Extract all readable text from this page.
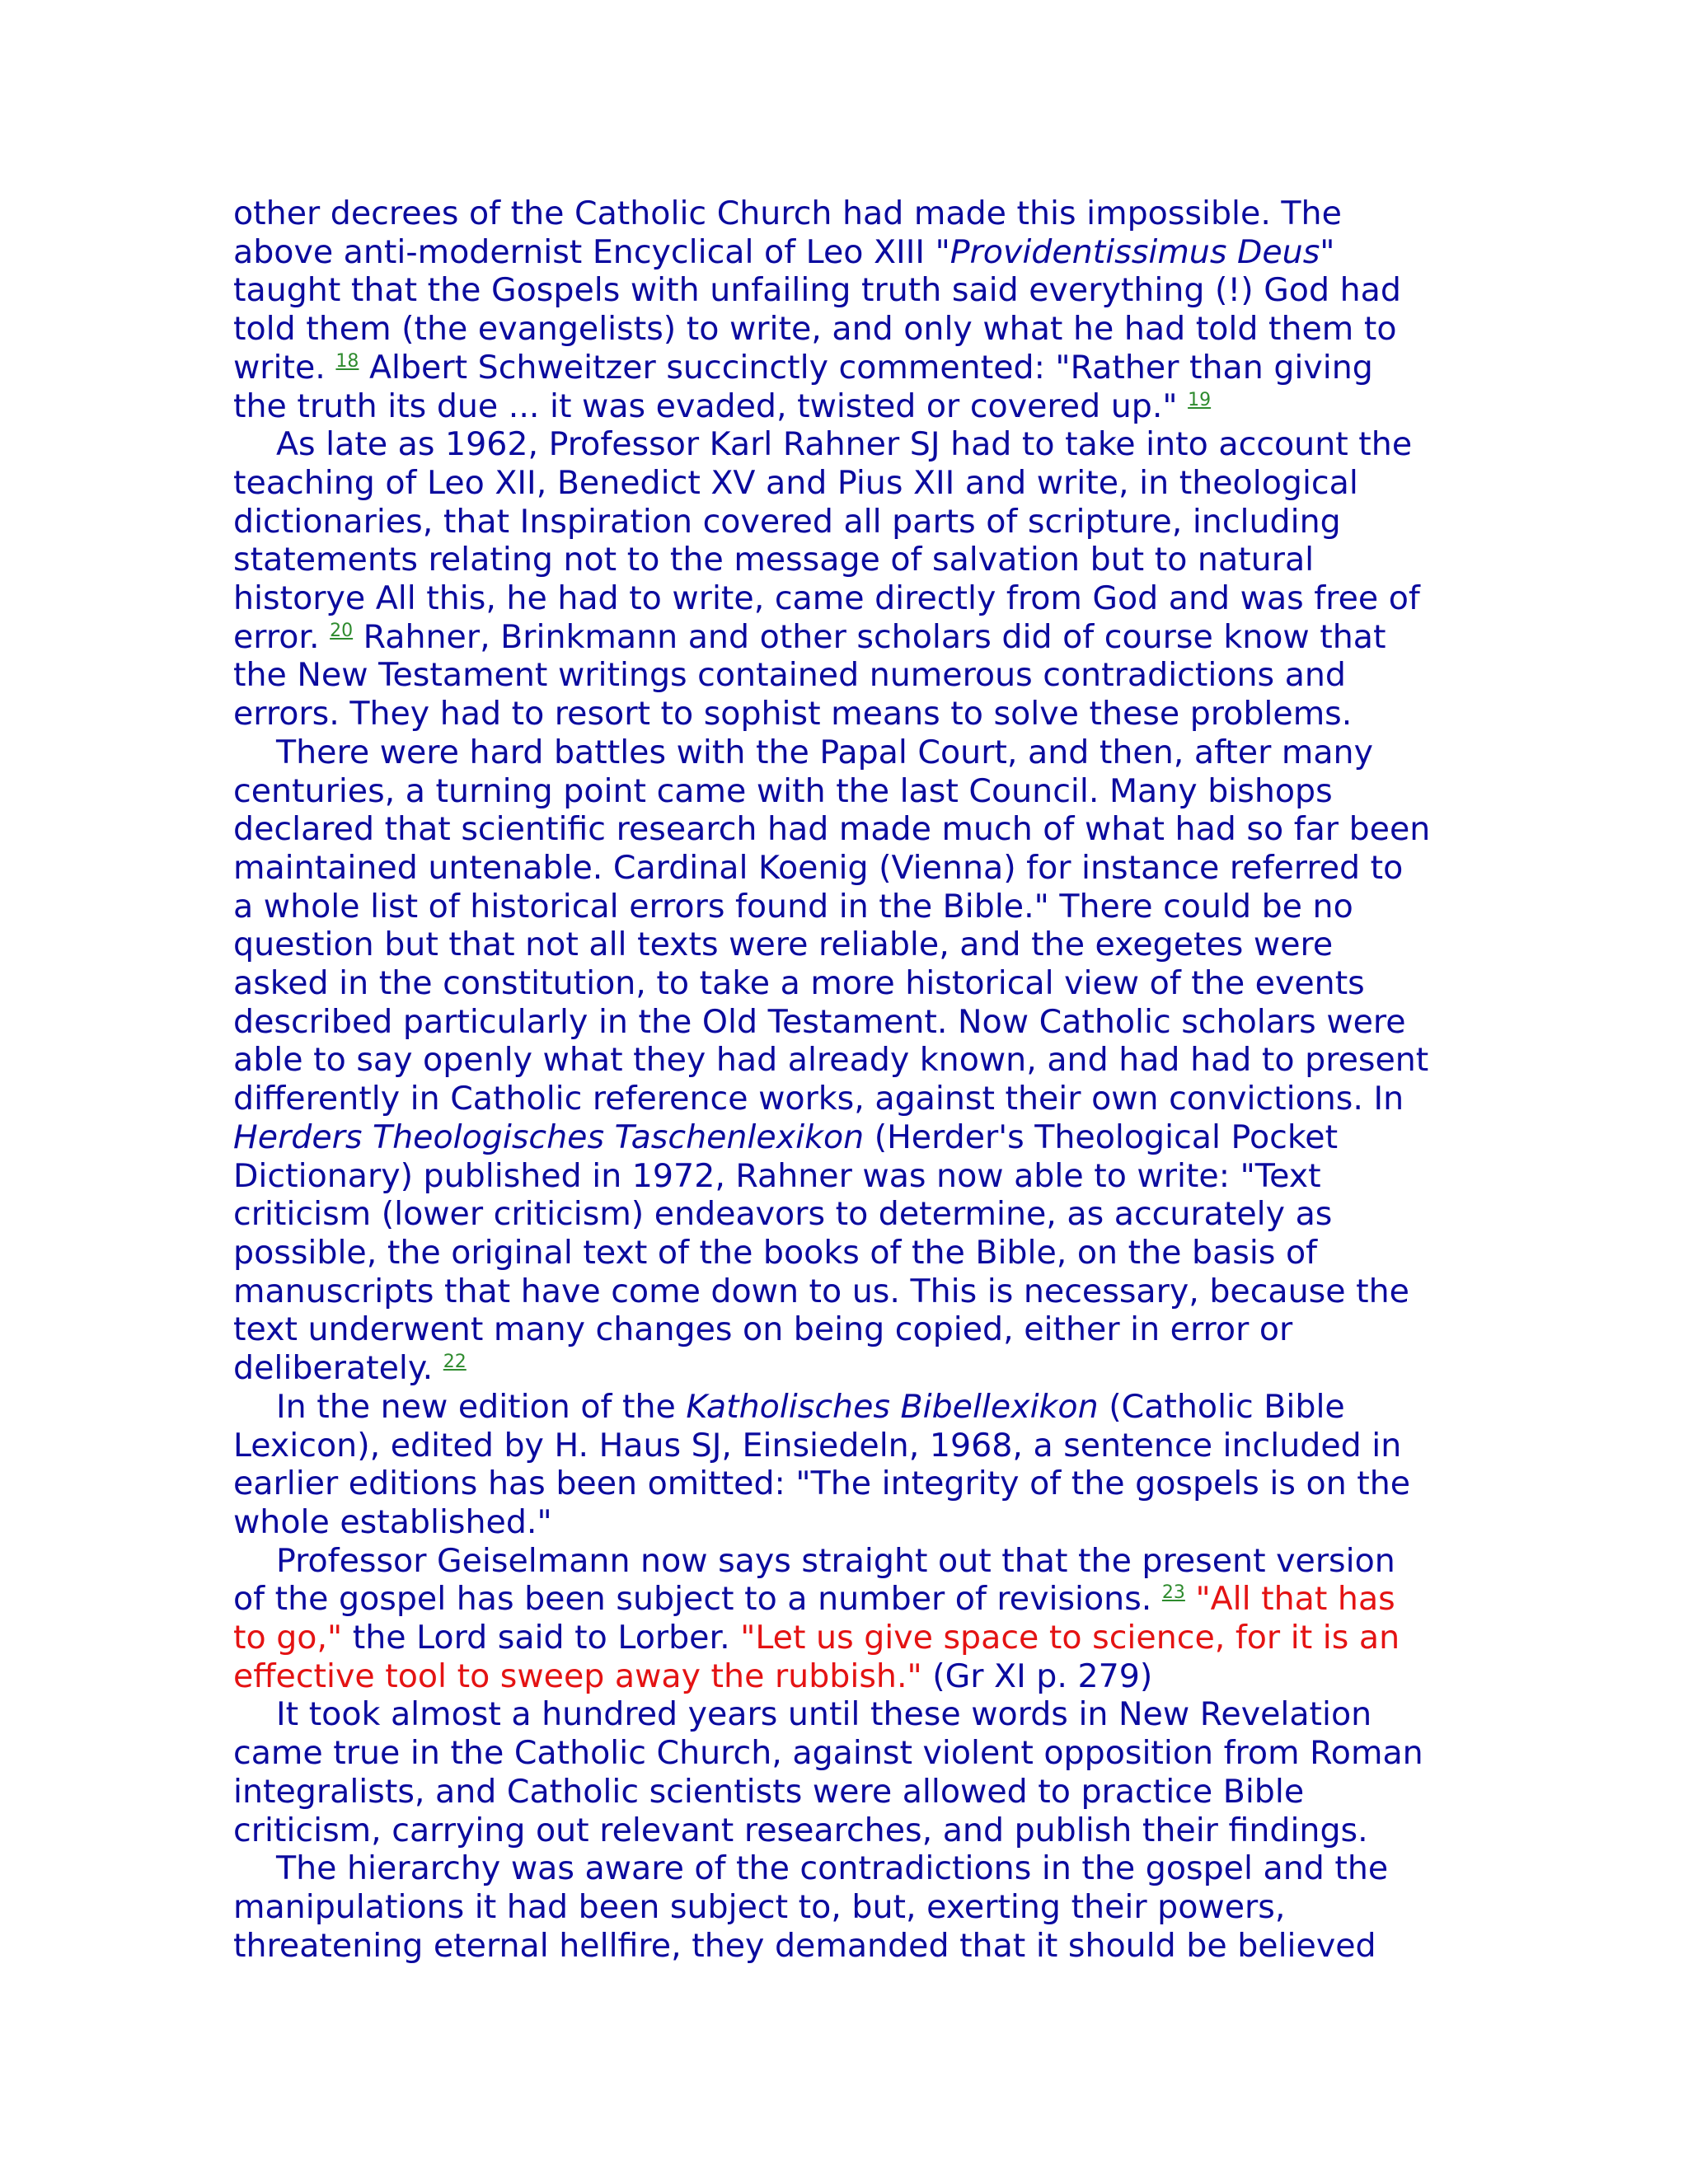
other decrees of the Catholic Church had made this impossible. The

above anti-modernist Encyclical of Leo XIII "Providentissimus Deus"

taught that the Gospels with unfailing truth said everything (!) God had

told them (the evangelists) to write, and only what he had told them to

write. $^{18}$ Albert Schweitzer succinctly commented: "Rather than giving

the truth its due ... it was evaded, twisted or covered up." $^{19}$

As late as 1962, Professor Karl Rahner SJ had to take into account the

teaching of Leo XII, Benedict XV and Pius XII and write, in theological

dictionaries, that Inspiration covered all parts of scripture, including

statements relating not to the message of salvation but to natural

historye All this, he had to write, came directly from God and was free of

error. $^{20}$ Rahner, Brinkmann and other scholars did of course know that

the New Testament writings contained numerous contradictions and

errors. They had to resort to sophist means to solve these problems.

There were hard battles with the Papal Court, and then, after many

centuries, a turning point came with the last Council. Many bishops

declared that scientific research had made much of what had so far been

maintained untenable. Cardinal Koenig (Vienna) for instance referred to

a whole list of historical errors found in the Bible." There could be no

question but that not all texts were reliable, and the exegetes were

asked in the constitution, to take a more historical view of the events

described particularly in the Old Testament. Now Catholic scholars were

able to say openly what they had already known, and had had to present

differently in Catholic reference works, against their own convictions. In

Herders Theologisches Taschenlexikon (Herder's Theological Pocket

Dictionary) published in 1972, Rahner was now able to write: "Text

criticism (lower criticism) endeavors to determine, as accurately as

possible, the original text of the books of the Bible, on the basis of

manuscripts that have come down to us. This is necessary, because the

text underwent many changes on being copied, either in error or

deliberately. $^{22}$

In the new edition of the Katholisches Bibellexikon (Catholic Bible

Lexicon), edited by H. Haus SJ, Einsiedeln, 1968, a sentence included in

earlier editions has been omitted: "The integrity of the gospels is on the

whole established."

Professor Geiselmann now says straight out that the present version

of the gospel has been subject to a number of revisions. $^{23}$ "All that has

to go," the Lord said to Lorber. "Let us give space to science, for it is an

effective tool to sweep away the rubbish." (Gr XI p. 279)

It took almost a hundred years until these words in New Revelation

came true in the Catholic Church, against violent opposition from Roman

integralists, and Catholic scientists were allowed to practice Bible

criticism, carrying out relevant researches, and publish their findings.

The hierarchy was aware of the contradictions in the gospel and the

manipulations it had been subject to, but, exerting their powers,

threatening eternal hellfire, they demanded that it should be believed
